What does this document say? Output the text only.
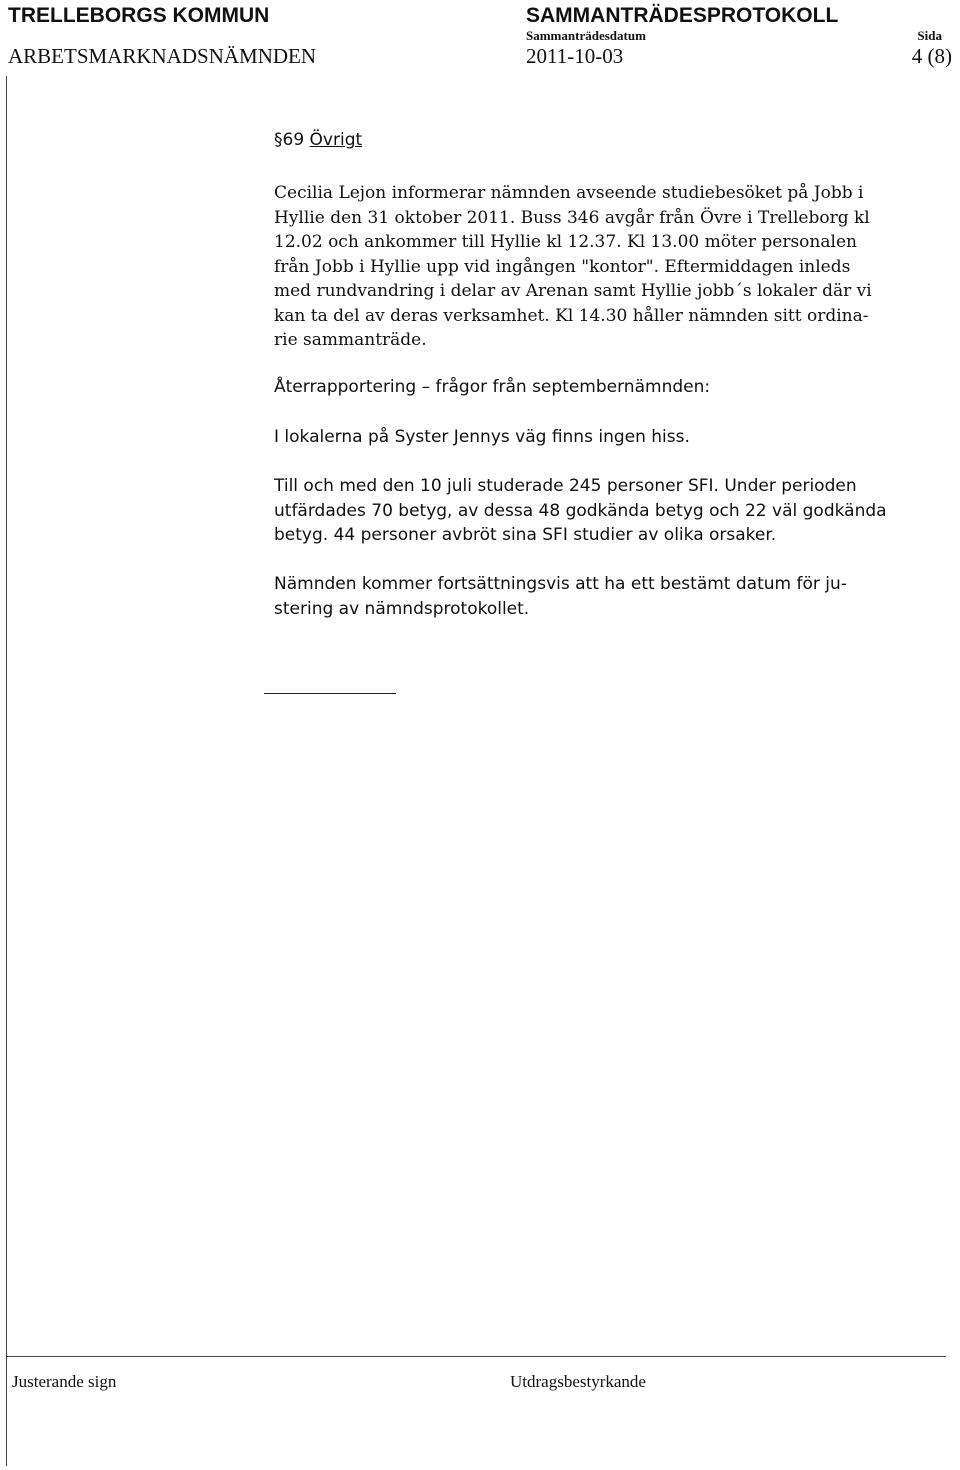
TRELLEBORGS KOMMUN	SAMMANTRÄDESPROTOKOLL
Sammanträdesdatum	Sida
ARBETSMARKNADSNÄMNDEN	2011-10-03	4 (8)
§69 Övrigt
Cecilia Lejon informerar nämnden avseende studiebesöket på Jobb i
Hyllie den 31 oktober 2011. Buss 346 avgår från Övre i Trelleborg kl
12.02 och ankommer till Hyllie kl 12.37. Kl 13.00 möter personalen
från Jobb i Hyllie upp vid ingången "kontor". Eftermiddagen inleds
med rundvandring i delar av Arenan samt Hyllie jobb´s lokaler där vi
kan ta del av deras verksamhet. Kl 14.30 håller nämnden sitt ordina-
rie sammanträde.
Återrapportering – frågor från septembernämnden:
I lokalerna på Syster Jennys väg finns ingen hiss.
Till och med den 10 juli studerade 245 personer SFI. Under perioden
utfärdades 70 betyg, av dessa 48 godkända betyg och 22 väl godkända
betyg. 44 personer avbröt sina SFI studier av olika orsaker.
Nämnden kommer fortsättningsvis att ha ett bestämt datum för ju-
stering av nämndsprotokollet.
Justerande sign	Utdragsbestyrkande
